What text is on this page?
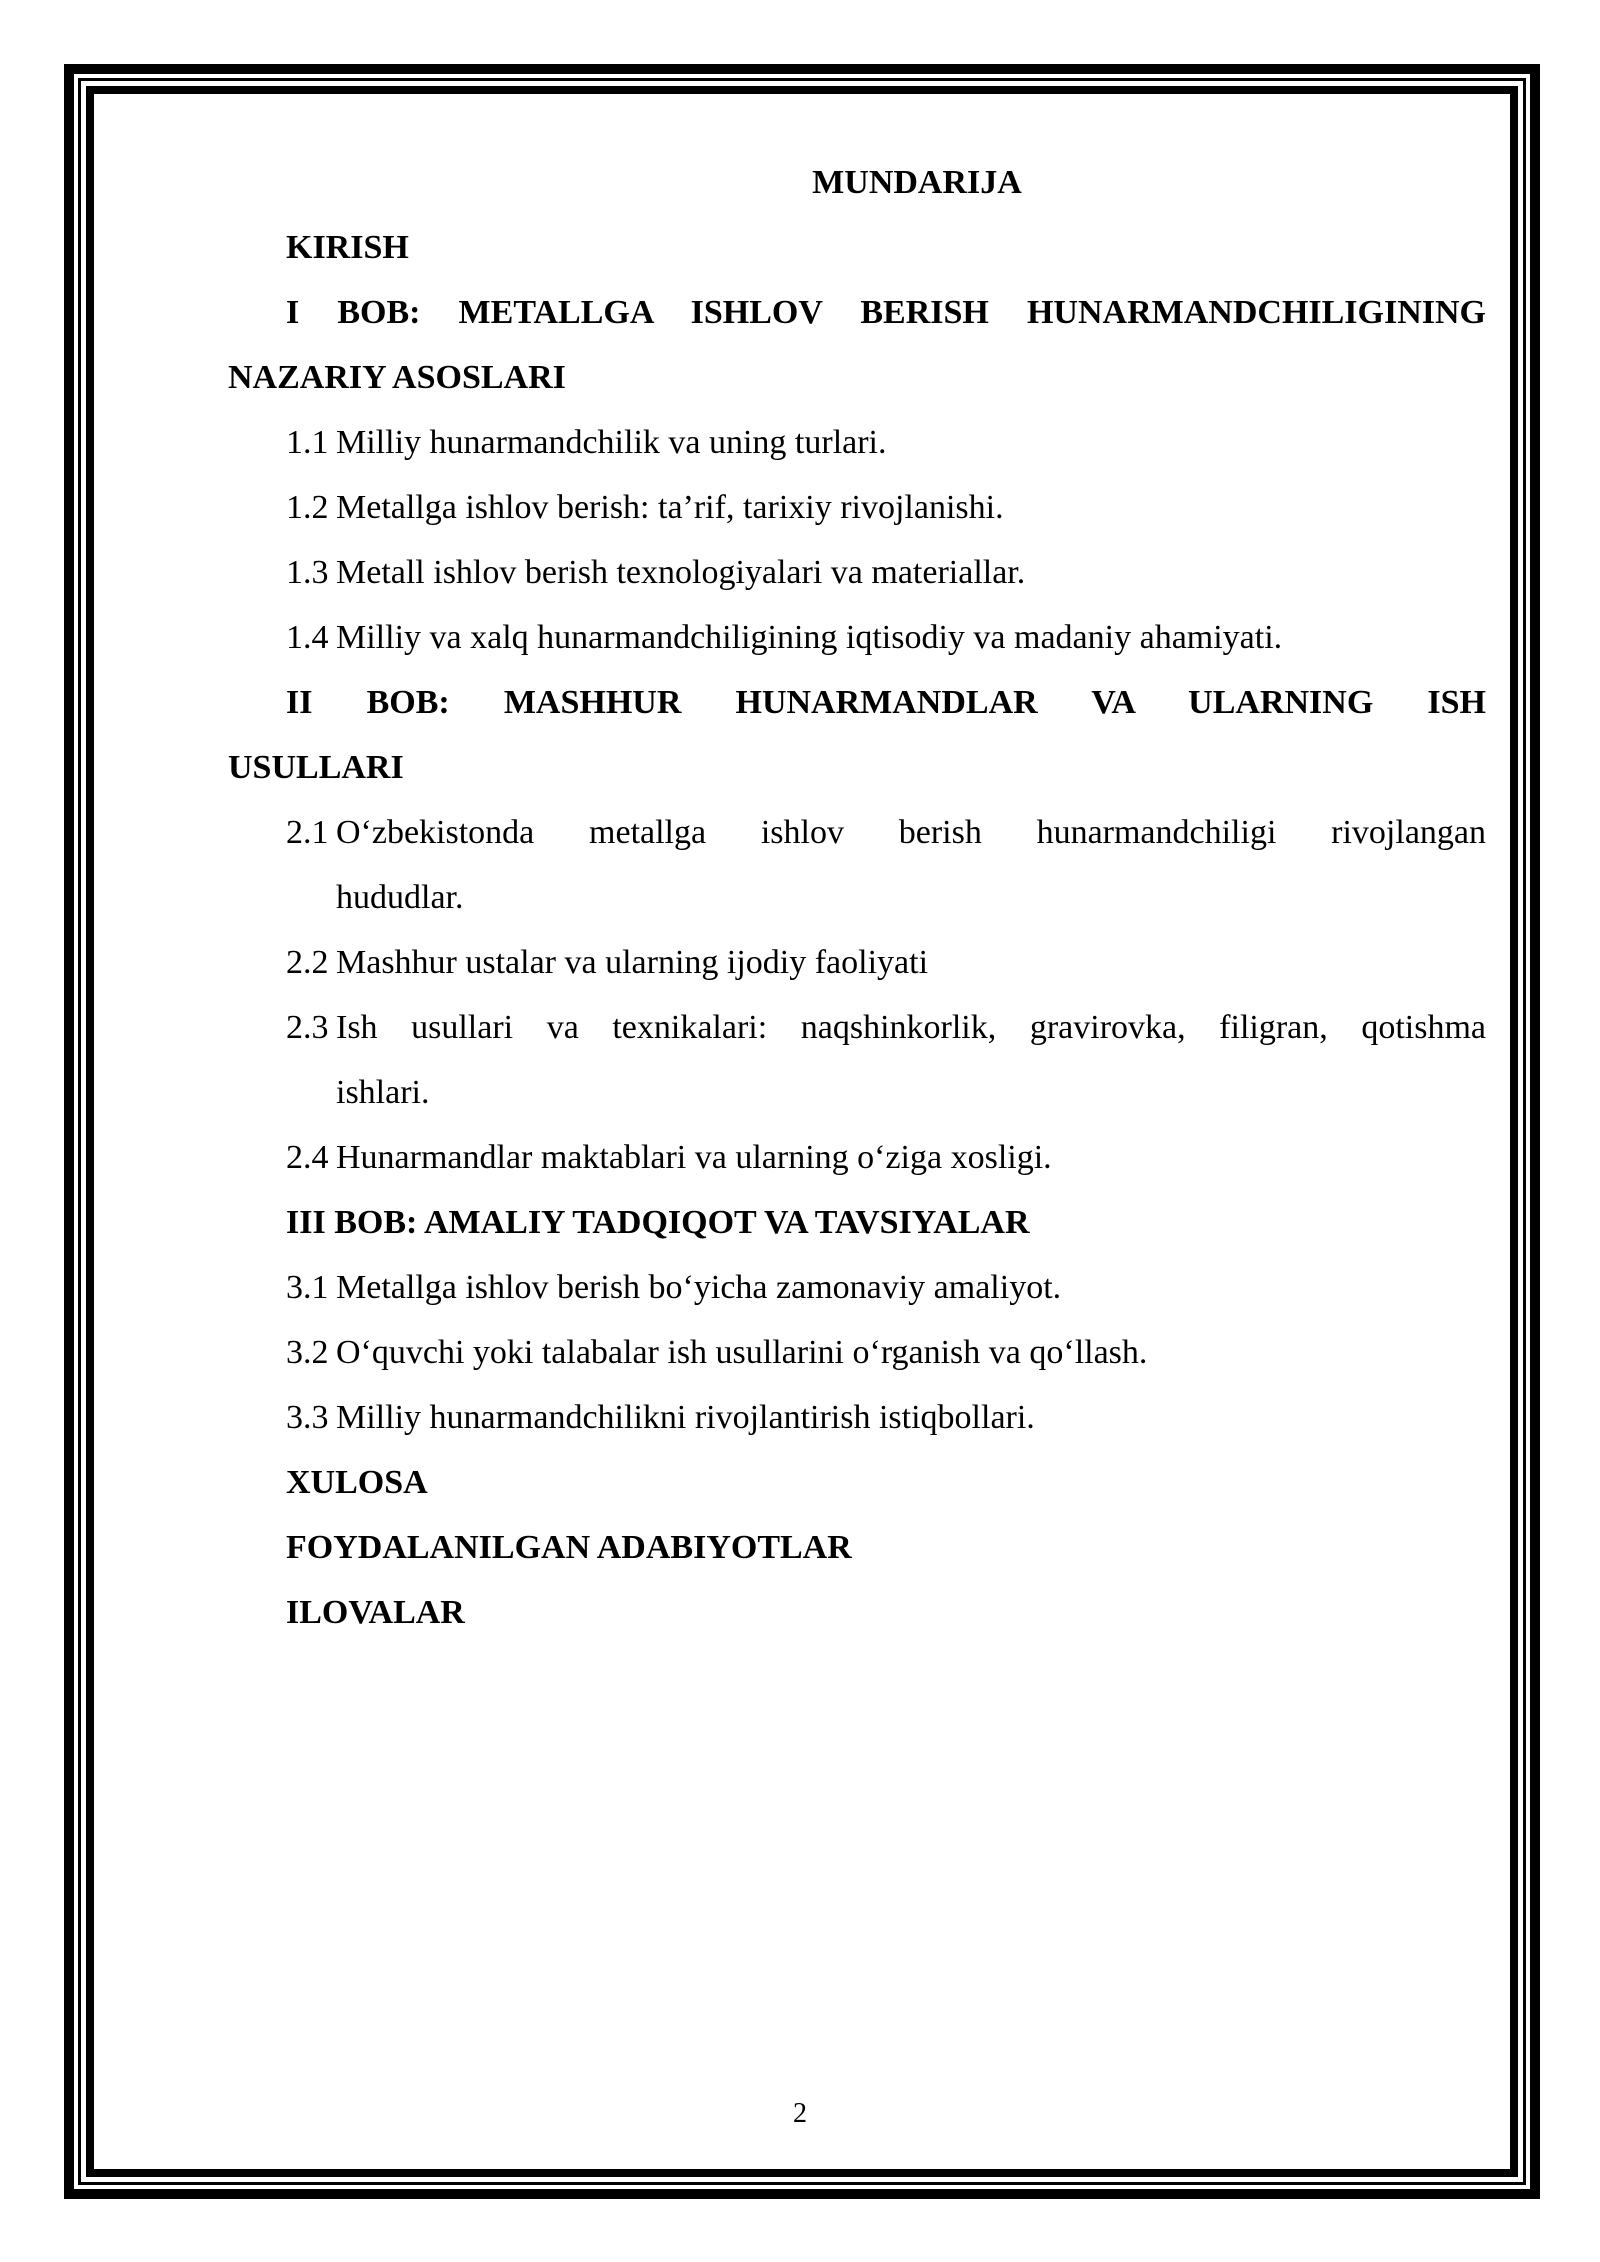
MUNDARIJA
KIRISH
I BOB: METALLGA ISHLOV BERISH HUNARMANDCHILIGINING
NAZARIY ASOSLARI
1.1 Milliy hunarmandchilik va uning turlari.
1.2 Metallga ishlov berish: ta’rif, tarixiy rivojlanishi.
1.3 Metall ishlov berish texnologiyalari va materiallar.
1.4 Milliy va xalq hunarmandchiligining iqtisodiy va madaniy ahamiyati.
II BOB: MASHHUR HUNARMANDLAR VA ULARNING ISH
USULLARI
2.1 O‘zbekistonda metallga ishlov berish hunarmandchiligi rivojlangan
hududlar.
2.2 Mashhur ustalar va ularning ijodiy faoliyati
2.3 Ish usullari va texnikalari: naqshinkorlik, gravirovka, filigran, qotishma
ishlari.
2.4 Hunarmandlar maktablari va ularning o‘ziga xosligi.
III BOB: AMALIY TADQIQOT VA TAVSIYALAR
3.1 Metallga ishlov berish bo‘yicha zamonaviy amaliyot.
3.2 O‘quvchi yoki talabalar ish usullarini o‘rganish va qo‘llash.
3.3 Milliy hunarmandchilikni rivojlantirish istiqbollari.
XULOSA
FOYDALANILGAN ADABIYOTLAR
ILOVALAR
2
